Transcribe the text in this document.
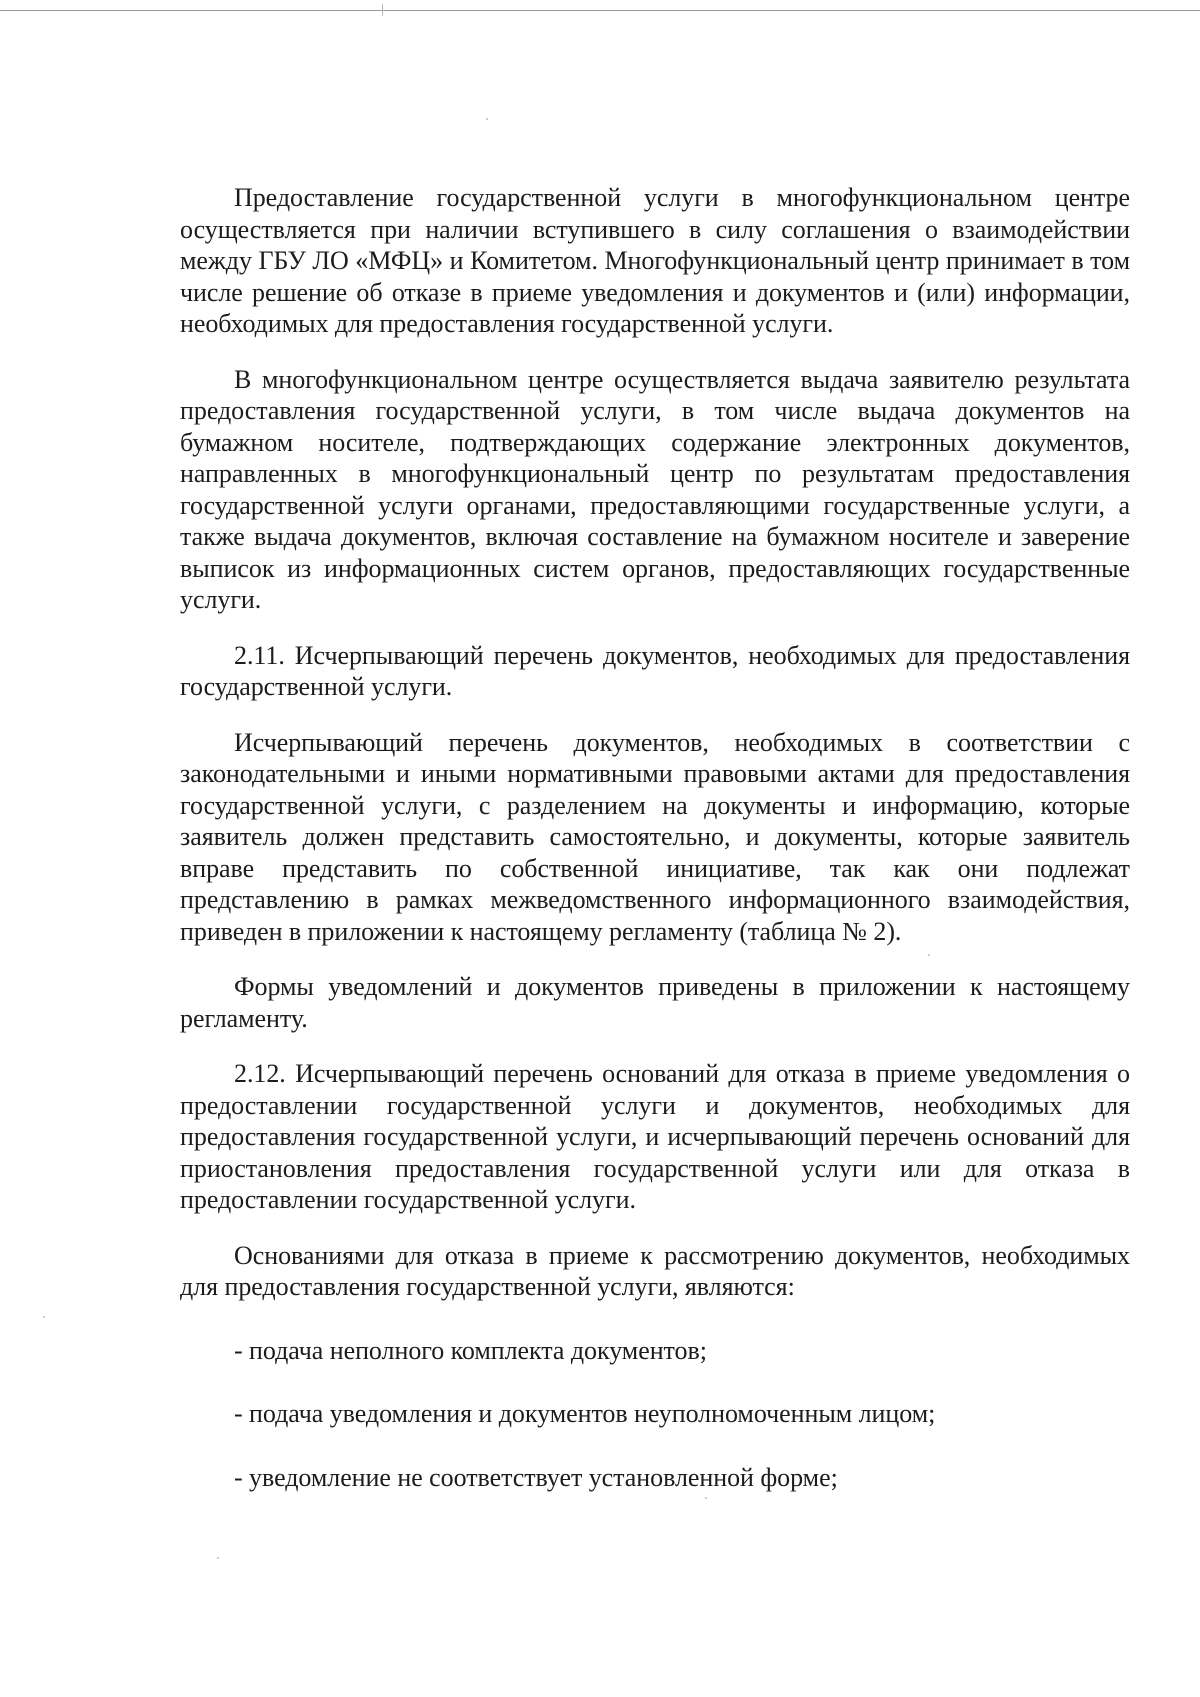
Предоставление государственной услуги в многофункциональном центре осуществляется при наличии вступившего в силу соглашения о взаимодействии между ГБУ ЛО «МФЦ» и Комитетом. Многофункциональный центр принимает в том числе решение об отказе в приеме уведомления и документов и (или) информации, необходимых для предоставления государственной услуги.

В многофункциональном центре осуществляется выдача заявителю результата предоставления государственной услуги, в том числе выдача документов на бумажном носителе, подтверждающих содержание электронных документов, направленных в многофункциональный центр по результатам предоставления государственной услуги органами, предоставляющими государственные услуги, а также выдача документов, включая составление на бумажном носителе и заверение выписок из информационных систем органов, предоставляющих государственные услуги.

2.11. Исчерпывающий перечень документов, необходимых для предоставления государственной услуги.

Исчерпывающий перечень документов, необходимых в соответствии с законодательными и иными нормативными правовыми актами для предоставления государственной услуги, с разделением на документы и информацию, которые заявитель должен представить самостоятельно, и документы, которые заявитель вправе представить по собственной инициативе, так как они подлежат представлению в рамках межведомственного информационного взаимодействия, приведен в приложении к настоящему регламенту (таблица № 2).

Формы уведомлений и документов приведены в приложении к настоящему регламенту.

2.12. Исчерпывающий перечень оснований для отказа в приеме уведомления о предоставлении государственной услуги и документов, необходимых для предоставления государственной услуги, и исчерпывающий перечень оснований для приостановления предоставления государственной услуги или для отказа в предоставлении государственной услуги.

Основаниями для отказа в приеме к рассмотрению документов, необходимых для предоставления государственной услуги, являются:

- подача неполного комплекта документов;

- подача уведомления и документов неуполномоченным лицом;

- уведомление не соответствует установленной форме;
